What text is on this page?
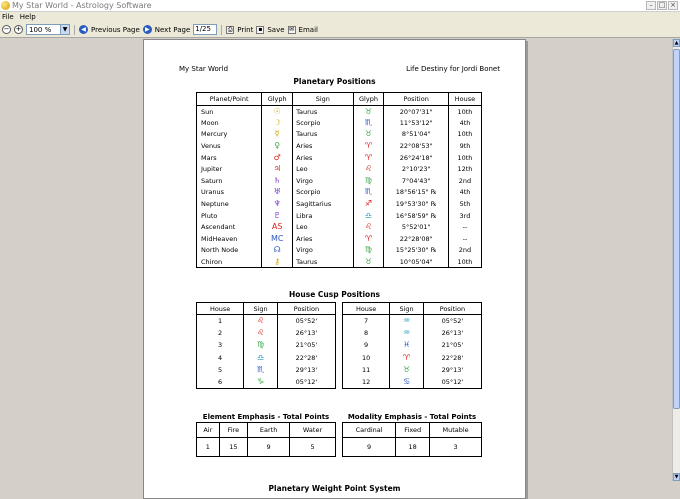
My Star World - Astrology Software	– □ ×
File Help
− + 100 %	▼	◀ Previous Page ▶ Next Page 1/25	⎙ Print ▪ Save ✉ Email
My Star World	Life Destiny for Jordi Bonet
Planetary Positions
Planet/Point	Glyph	Sign	Glyph	Position	House
Sun	☉	Taurus	♉	20°07'31"	10th
Moon	☽	Scorpio	♏	11°53'12"	4th
Mercury	☿	Taurus	♉	8°51'04"	10th
Venus	♀	Aries	♈	22°08'53"	9th
Mars	♂	Aries	♈	26°24'18"	10th
Jupiter	♃	Leo	♌	2°10'23"	12th
Saturn	♄	Virgo	♍	7°04'43"	2nd
Uranus	♅	Scorpio	♏	18°56'15" ℞	4th
Neptune	♆	Sagittarius	♐	19°53'30" ℞	5th
Pluto	♇	Libra	♎	16°58'59" ℞	3rd
Ascendant	AS	Leo	♌	5°52'01"	--
MidHeaven	MC	Aries	♈	22°28'08"	--
North Node	☊	Virgo	♍	15°25'30" ℞	2nd
Chiron	⚷	Taurus	♉	10°05'04"	10th
House Cusp Positions
House	Sign	Position
1	♌	05°52'
2	♌	26°13'
3	♍	21°05'
4	♎	22°28'
5	♏	29°13'
6	♑	05°12'
House	Sign	Position
7	♒	05°52'
8	♒	26°13'
9	♓	21°05'
10	♈	22°28'
11	♉	29°13'
12	♋	05°12'
Element Emphasis - Total Points
Air	Fire	Earth	Water
1	15	9	5
Modality Emphasis - Total Points
Cardinal	Fixed	Mutable
9	18	3
Planetary Weight Point System
▲
▼
